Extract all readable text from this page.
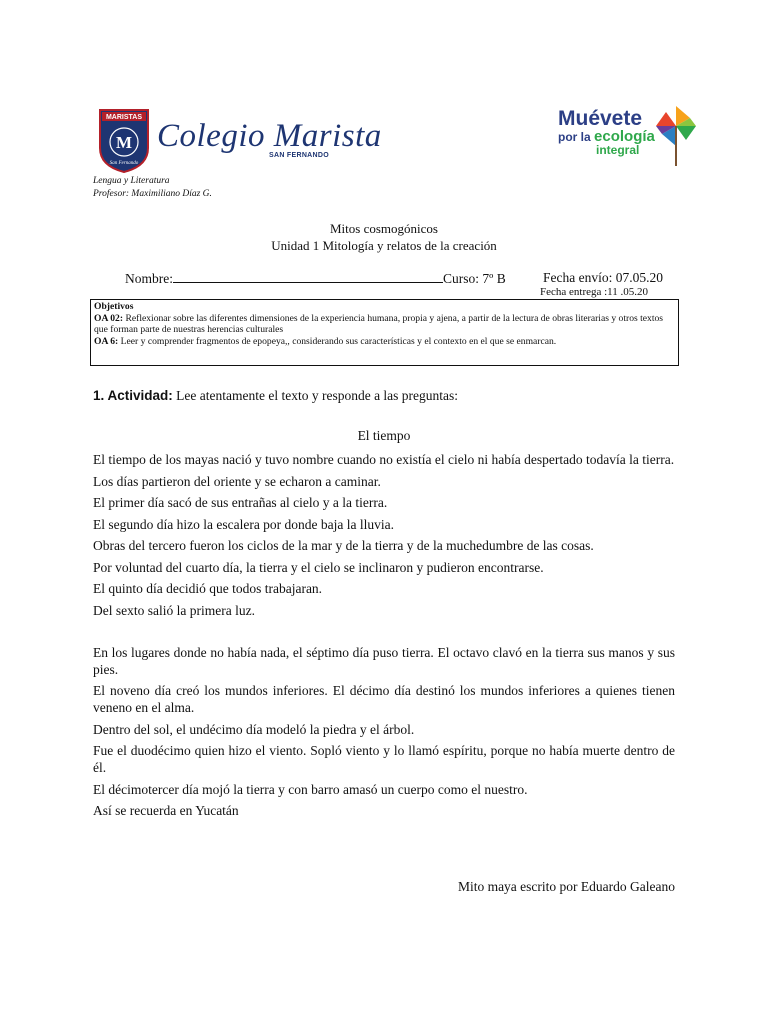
MARISTAS
M
San Fernando
Colegio Marista
SAN FERNANDO
Muévete
por la ecología
integral
Lengua y Literatura
Profesor: Maximiliano Díaz G.
Mitos cosmogónicos
Unidad 1 Mitología y relatos de la creación
Nombre:	Curso: 7º B	Fecha envío: 07.05.20
Fecha entrega :11 .05.20
Objetivos
OA 02: Reflexionar sobre las diferentes dimensiones de la experiencia humana, propia y ajena, a partir de la lectura de obras literarias y otros textos que forman parte de nuestras herencias culturales
OA 6: Leer y comprender fragmentos de epopeya,, considerando sus características y el contexto en el que se enmarcan.
1. Actividad: Lee atentamente el texto y responde a las preguntas:
El tiempo

El tiempo de los mayas nació y tuvo nombre cuando no existía el cielo ni había despertado todavía la tierra.

Los días partieron del oriente y se echaron a caminar.

El primer día sacó de sus entrañas al cielo y a la tierra.

El segundo día hizo la escalera por donde baja la lluvia.

Obras del tercero fueron los ciclos de la mar y de la tierra y de la muchedumbre de las cosas.

Por voluntad del cuarto día, la tierra y el cielo se inclinaron y pudieron encontrarse.

El quinto día decidió que todos trabajaran.

Del sexto salió la primera luz.

En los lugares donde no había nada, el séptimo día puso tierra. El octavo clavó en la tierra sus manos y sus pies.

El noveno día creó los mundos inferiores. El décimo día destinó los mundos inferiores a quienes tienen veneno en el alma.

Dentro del sol, el undécimo día modeló la piedra y el árbol.

Fue el duodécimo quien hizo el viento. Sopló viento y lo llamó espíritu, porque no había muerte dentro de él.

El décimotercer día mojó la tierra y con barro amasó un cuerpo como el nuestro.

Así se recuerda en Yucatán

Mito maya escrito por Eduardo Galeano
